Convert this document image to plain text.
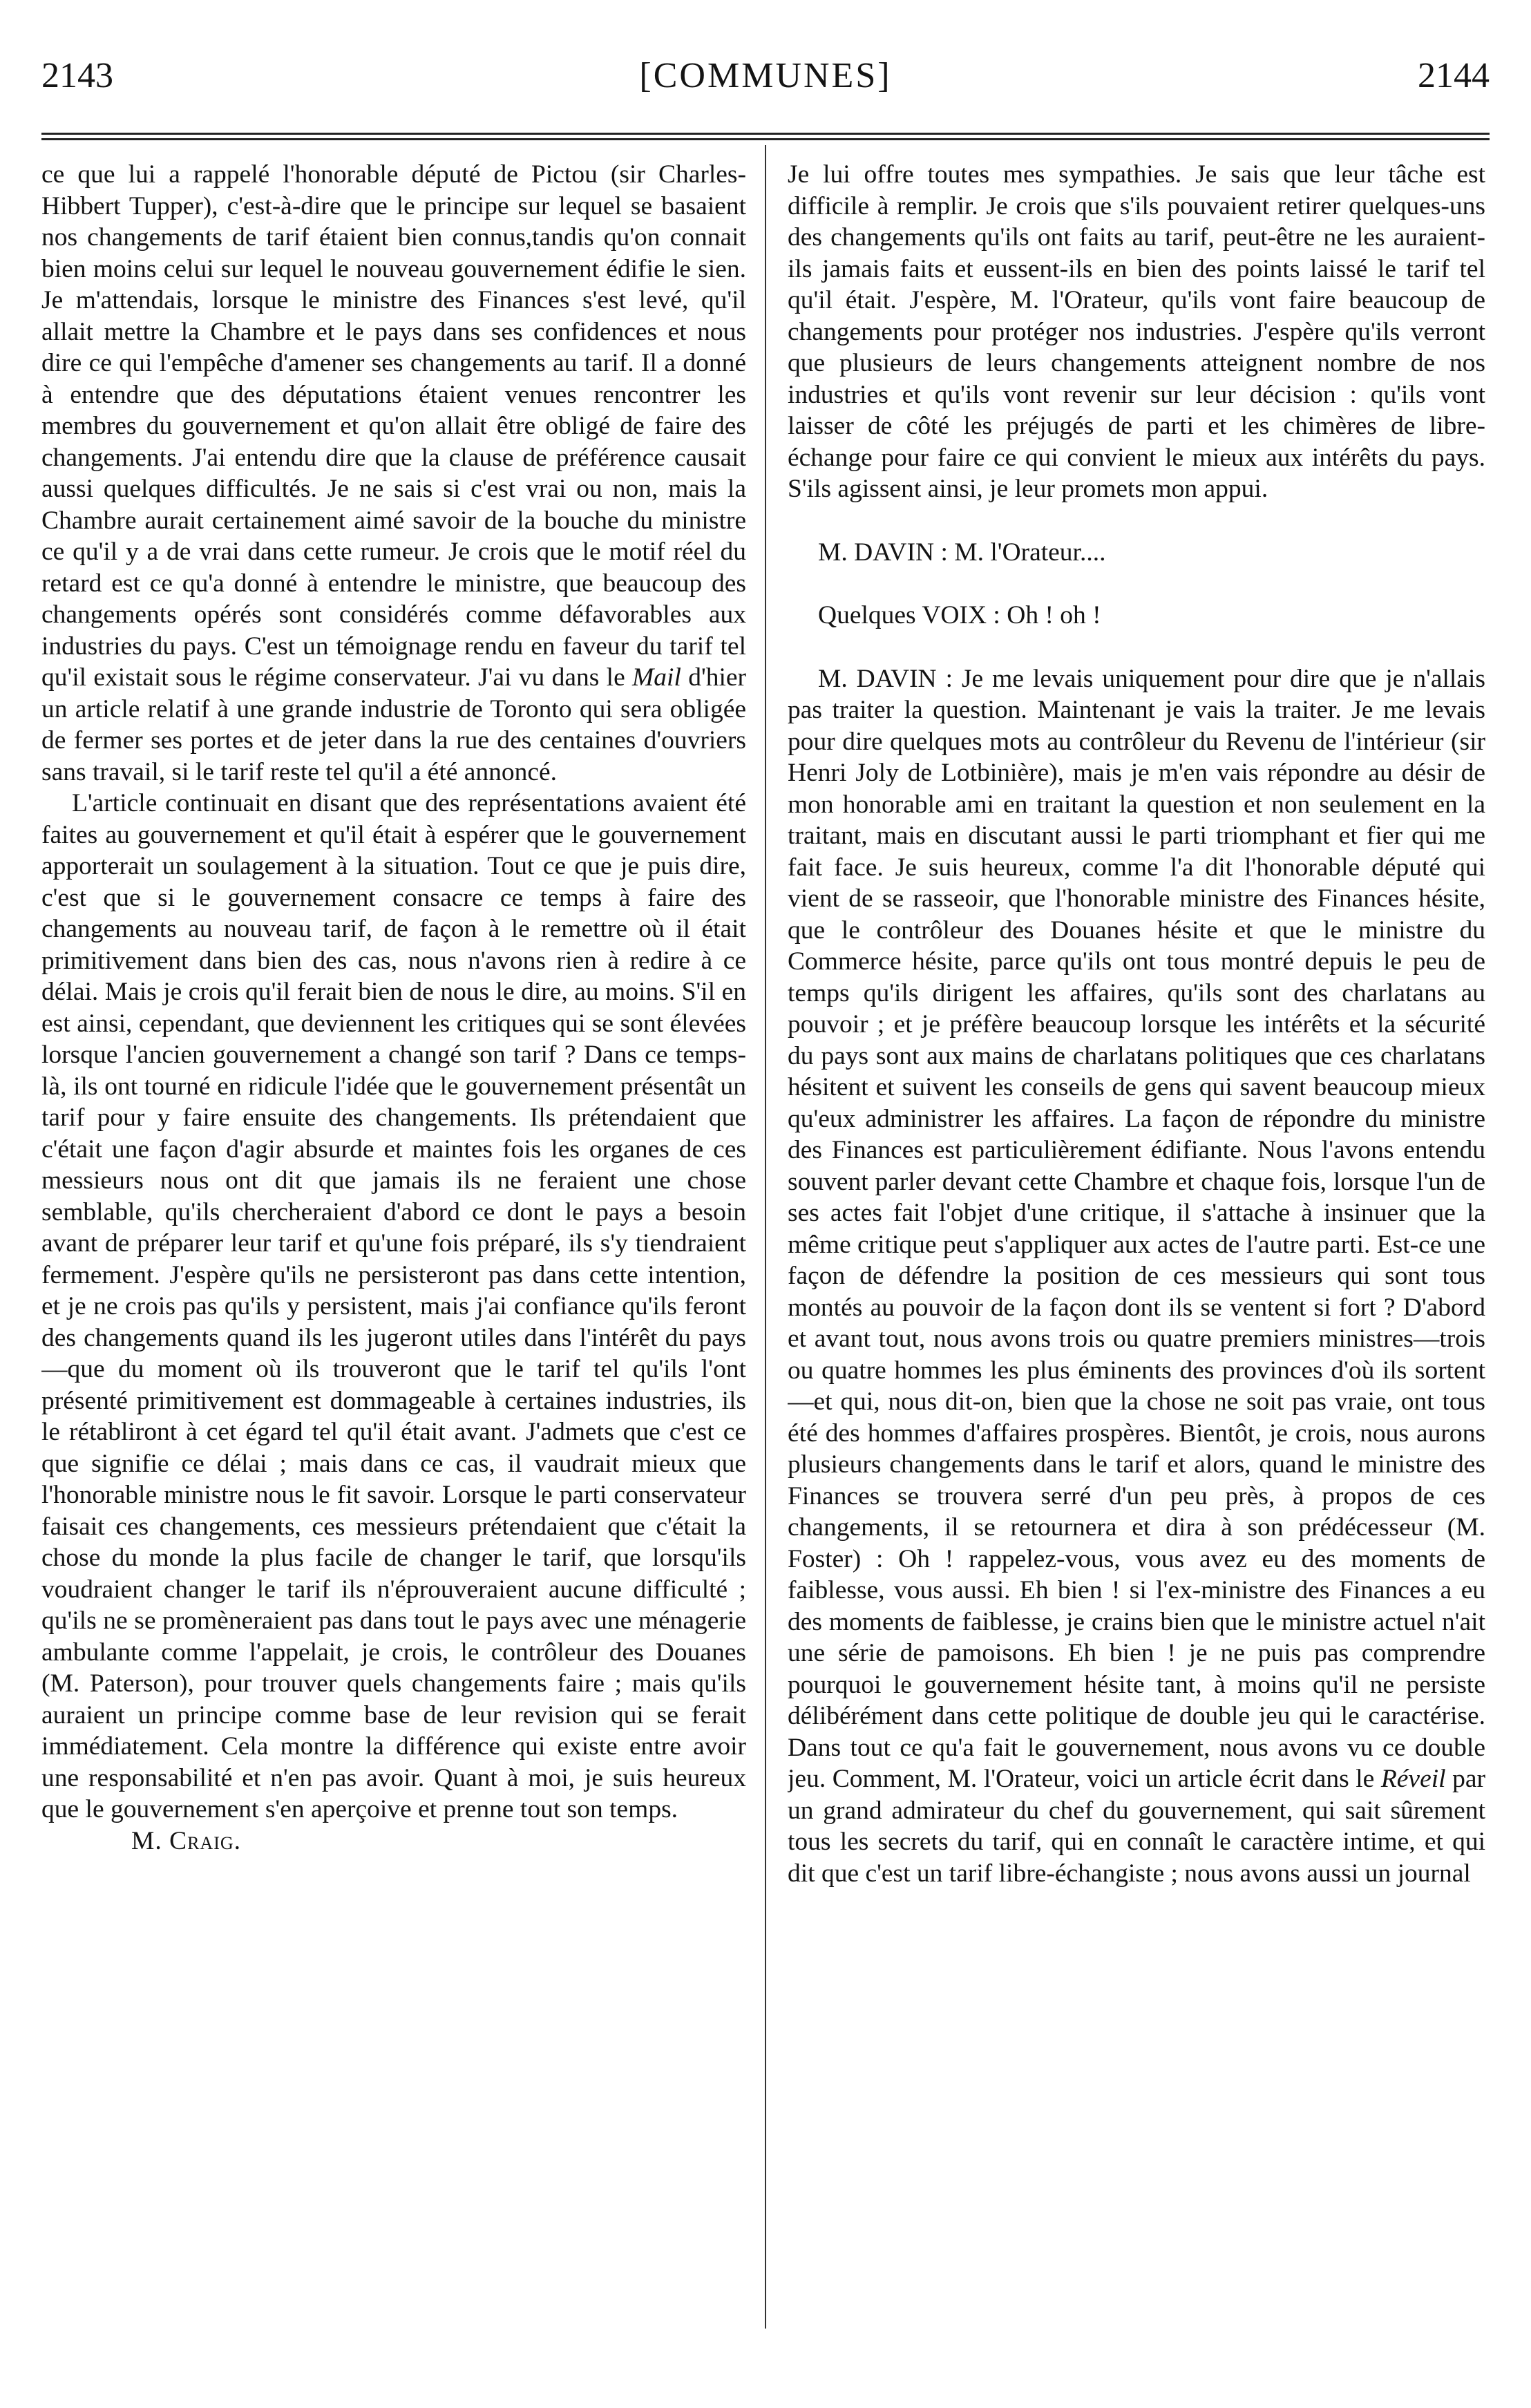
2143	[COMMUNES]	2144

ce que lui a rappelé l'honorable député de Pictou (sir Charles-Hibbert Tupper), c'est-à-dire que le principe sur lequel se basaient nos changements de tarif étaient bien connus,tandis qu'on connait bien moins celui sur lequel le nouveau gouvernement édifie le sien. Je m'attendais, lorsque le ministre des Finances s'est levé, qu'il allait mettre la Chambre et le pays dans ses confidences et nous dire ce qui l'empêche d'amener ses changements au tarif. Il a donné à entendre que des députations étaient venues rencontrer les membres du gouvernement et qu'on allait être obligé de faire des changements. J'ai entendu dire que la clause de préférence causait aussi quelques difficultés. Je ne sais si c'est vrai ou non, mais la Chambre aurait certainement aimé savoir de la bouche du ministre ce qu'il y a de vrai dans cette rumeur. Je crois que le motif réel du retard est ce qu'a donné à entendre le ministre, que beaucoup des changements opérés sont considérés comme défavorables aux industries du pays. C'est un témoignage rendu en faveur du tarif tel qu'il existait sous le régime conservateur. J'ai vu dans le Mail d'hier un article relatif à une grande industrie de Toronto qui sera obligée de fermer ses portes et de jeter dans la rue des centaines d'ouvriers sans travail, si le tarif reste tel qu'il a été annoncé.

L'article continuait en disant que des représentations avaient été faites au gouvernement et qu'il était à espérer que le gouvernement apporterait un soulagement à la situation. Tout ce que je puis dire, c'est que si le gouvernement consacre ce temps à faire des changements au nouveau tarif, de façon à le remettre où il était primitivement dans bien des cas, nous n'avons rien à redire à ce délai. Mais je crois qu'il ferait bien de nous le dire, au moins. S'il en est ainsi, cependant, que deviennent les critiques qui se sont élevées lorsque l'ancien gouvernement a changé son tarif ? Dans ce temps-là, ils ont tourné en ridicule l'idée que le gouvernement présentât un tarif pour y faire ensuite des changements. Ils prétendaient que c'était une façon d'agir absurde et maintes fois les organes de ces messieurs nous ont dit que jamais ils ne feraient une chose semblable, qu'ils chercheraient d'abord ce dont le pays a besoin avant de préparer leur tarif et qu'une fois préparé, ils s'y tiendraient fermement. J'espère qu'ils ne persisteront pas dans cette intention, et je ne crois pas qu'ils y persistent, mais j'ai confiance qu'ils feront des changements quand ils les jugeront utiles dans l'intérêt du pays—que du moment où ils trouveront que le tarif tel qu'ils l'ont présenté primitivement est dommageable à certaines industries, ils le rétabliront à cet égard tel qu'il était avant. J'admets que c'est ce que signifie ce délai ; mais dans ce cas, il vaudrait mieux que l'honorable ministre nous le fit savoir. Lorsque le parti conservateur faisait ces changements, ces messieurs prétendaient que c'était la chose du monde la plus facile de changer le tarif, que lorsqu'ils voudraient changer le tarif ils n'éprouveraient aucune difficulté ; qu'ils ne se promèneraient pas dans tout le pays avec une ménagerie ambulante comme l'appelait, je crois, le contrôleur des Douanes (M. Paterson), pour trouver quels changements faire ; mais qu'ils auraient un principe comme base de leur revision qui se ferait immédiatement. Cela montre la différence qui existe entre avoir une responsabilité et n'en pas avoir. Quant à moi, je suis heureux que le gouvernement s'en aperçoive et prenne tout son temps.

M. Craig.

Je lui offre toutes mes sympathies. Je sais que leur tâche est difficile à remplir. Je crois que s'ils pouvaient retirer quelques-uns des changements qu'ils ont faits au tarif, peut-être ne les auraient-ils jamais faits et eussent-ils en bien des points laissé le tarif tel qu'il était. J'espère, M. l'Orateur, qu'ils vont faire beaucoup de changements pour protéger nos industries. J'espère qu'ils verront que plusieurs de leurs changements atteignent nombre de nos industries et qu'ils vont revenir sur leur décision : qu'ils vont laisser de côté les préjugés de parti et les chimères de libre-échange pour faire ce qui convient le mieux aux intérêts du pays. S'ils agissent ainsi, je leur promets mon appui.

M. DAVIN : M. l'Orateur....

Quelques VOIX : Oh ! oh !

M. DAVIN : Je me levais uniquement pour dire que je n'allais pas traiter la question. Maintenant je vais la traiter. Je me levais pour dire quelques mots au contrôleur du Revenu de l'intérieur (sir Henri Joly de Lotbinière), mais je m'en vais répondre au désir de mon honorable ami en traitant la question et non seulement en la traitant, mais en discutant aussi le parti triomphant et fier qui me fait face. Je suis heureux, comme l'a dit l'honorable député qui vient de se rasseoir, que l'honorable ministre des Finances hésite, que le contrôleur des Douanes hésite et que le ministre du Commerce hésite, parce qu'ils ont tous montré depuis le peu de temps qu'ils dirigent les affaires, qu'ils sont des charlatans au pouvoir ; et je préfère beaucoup lorsque les intérêts et la sécurité du pays sont aux mains de charlatans politiques que ces charlatans hésitent et suivent les conseils de gens qui savent beaucoup mieux qu'eux administrer les affaires. La façon de répondre du ministre des Finances est particulièrement édifiante. Nous l'avons entendu souvent parler devant cette Chambre et chaque fois, lorsque l'un de ses actes fait l'objet d'une critique, il s'attache à insinuer que la même critique peut s'appliquer aux actes de l'autre parti. Est-ce une façon de défendre la position de ces messieurs qui sont tous montés au pouvoir de la façon dont ils se ventent si fort ? D'abord et avant tout, nous avons trois ou quatre premiers ministres—trois ou quatre hommes les plus éminents des provinces d'où ils sortent—et qui, nous dit-on, bien que la chose ne soit pas vraie, ont tous été des hommes d'affaires prospères. Bientôt, je crois, nous aurons plusieurs changements dans le tarif et alors, quand le ministre des Finances se trouvera serré d'un peu près, à propos de ces changements, il se retournera et dira à son prédécesseur (M. Foster) : Oh ! rappelez-vous, vous avez eu des moments de faiblesse, vous aussi. Eh bien ! si l'ex-ministre des Finances a eu des moments de faiblesse, je crains bien que le ministre actuel n'ait une série de pamoisons. Eh bien ! je ne puis pas comprendre pourquoi le gouvernement hésite tant, à moins qu'il ne persiste délibérément dans cette politique de double jeu qui le caractérise. Dans tout ce qu'a fait le gouvernement, nous avons vu ce double jeu. Comment, M. l'Orateur, voici un article écrit dans le Réveil par un grand admirateur du chef du gouvernement, qui sait sûrement tous les secrets du tarif, qui en connaît le caractère intime, et qui dit que c'est un tarif libre-échangiste ; nous avons aussi un journal
